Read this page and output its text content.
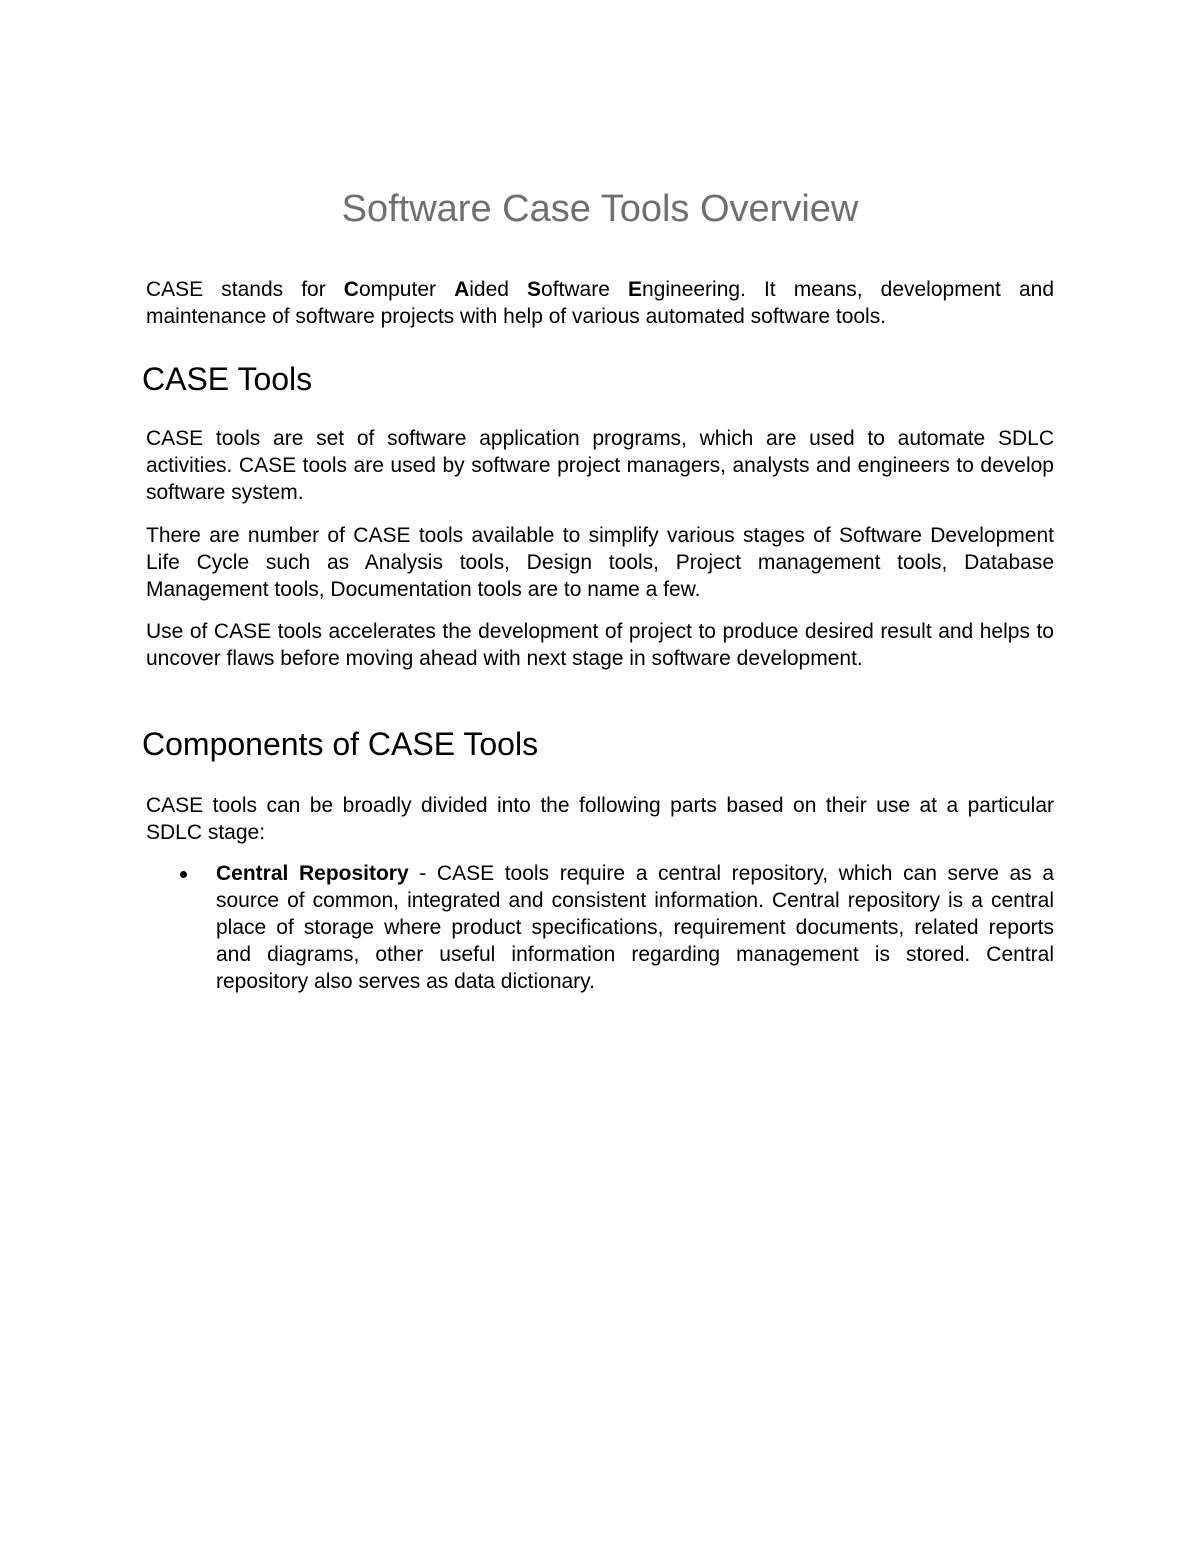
Software Case Tools Overview

CASE stands for Computer Aided Software Engineering. It means, development and maintenance of software projects with help of various automated software tools.

CASE Tools

CASE tools are set of software application programs, which are used to automate SDLC activities. CASE tools are used by software project managers, analysts and engineers to develop software system.

There are number of CASE tools available to simplify various stages of Software Development Life Cycle such as Analysis tools, Design tools, Project management tools, Database Management tools, Documentation tools are to name a few.

Use of CASE tools accelerates the development of project to produce desired result and helps to uncover flaws before moving ahead with next stage in software development.

Components of CASE Tools

CASE tools can be broadly divided into the following parts based on their use at a particular SDLC stage:

Central Repository - CASE tools require a central repository, which can serve as a source of common, integrated and consistent information. Central repository is a central place of storage where product specifications, requirement documents, related reports and diagrams, other useful information regarding management is stored. Central repository also serves as data dictionary.
